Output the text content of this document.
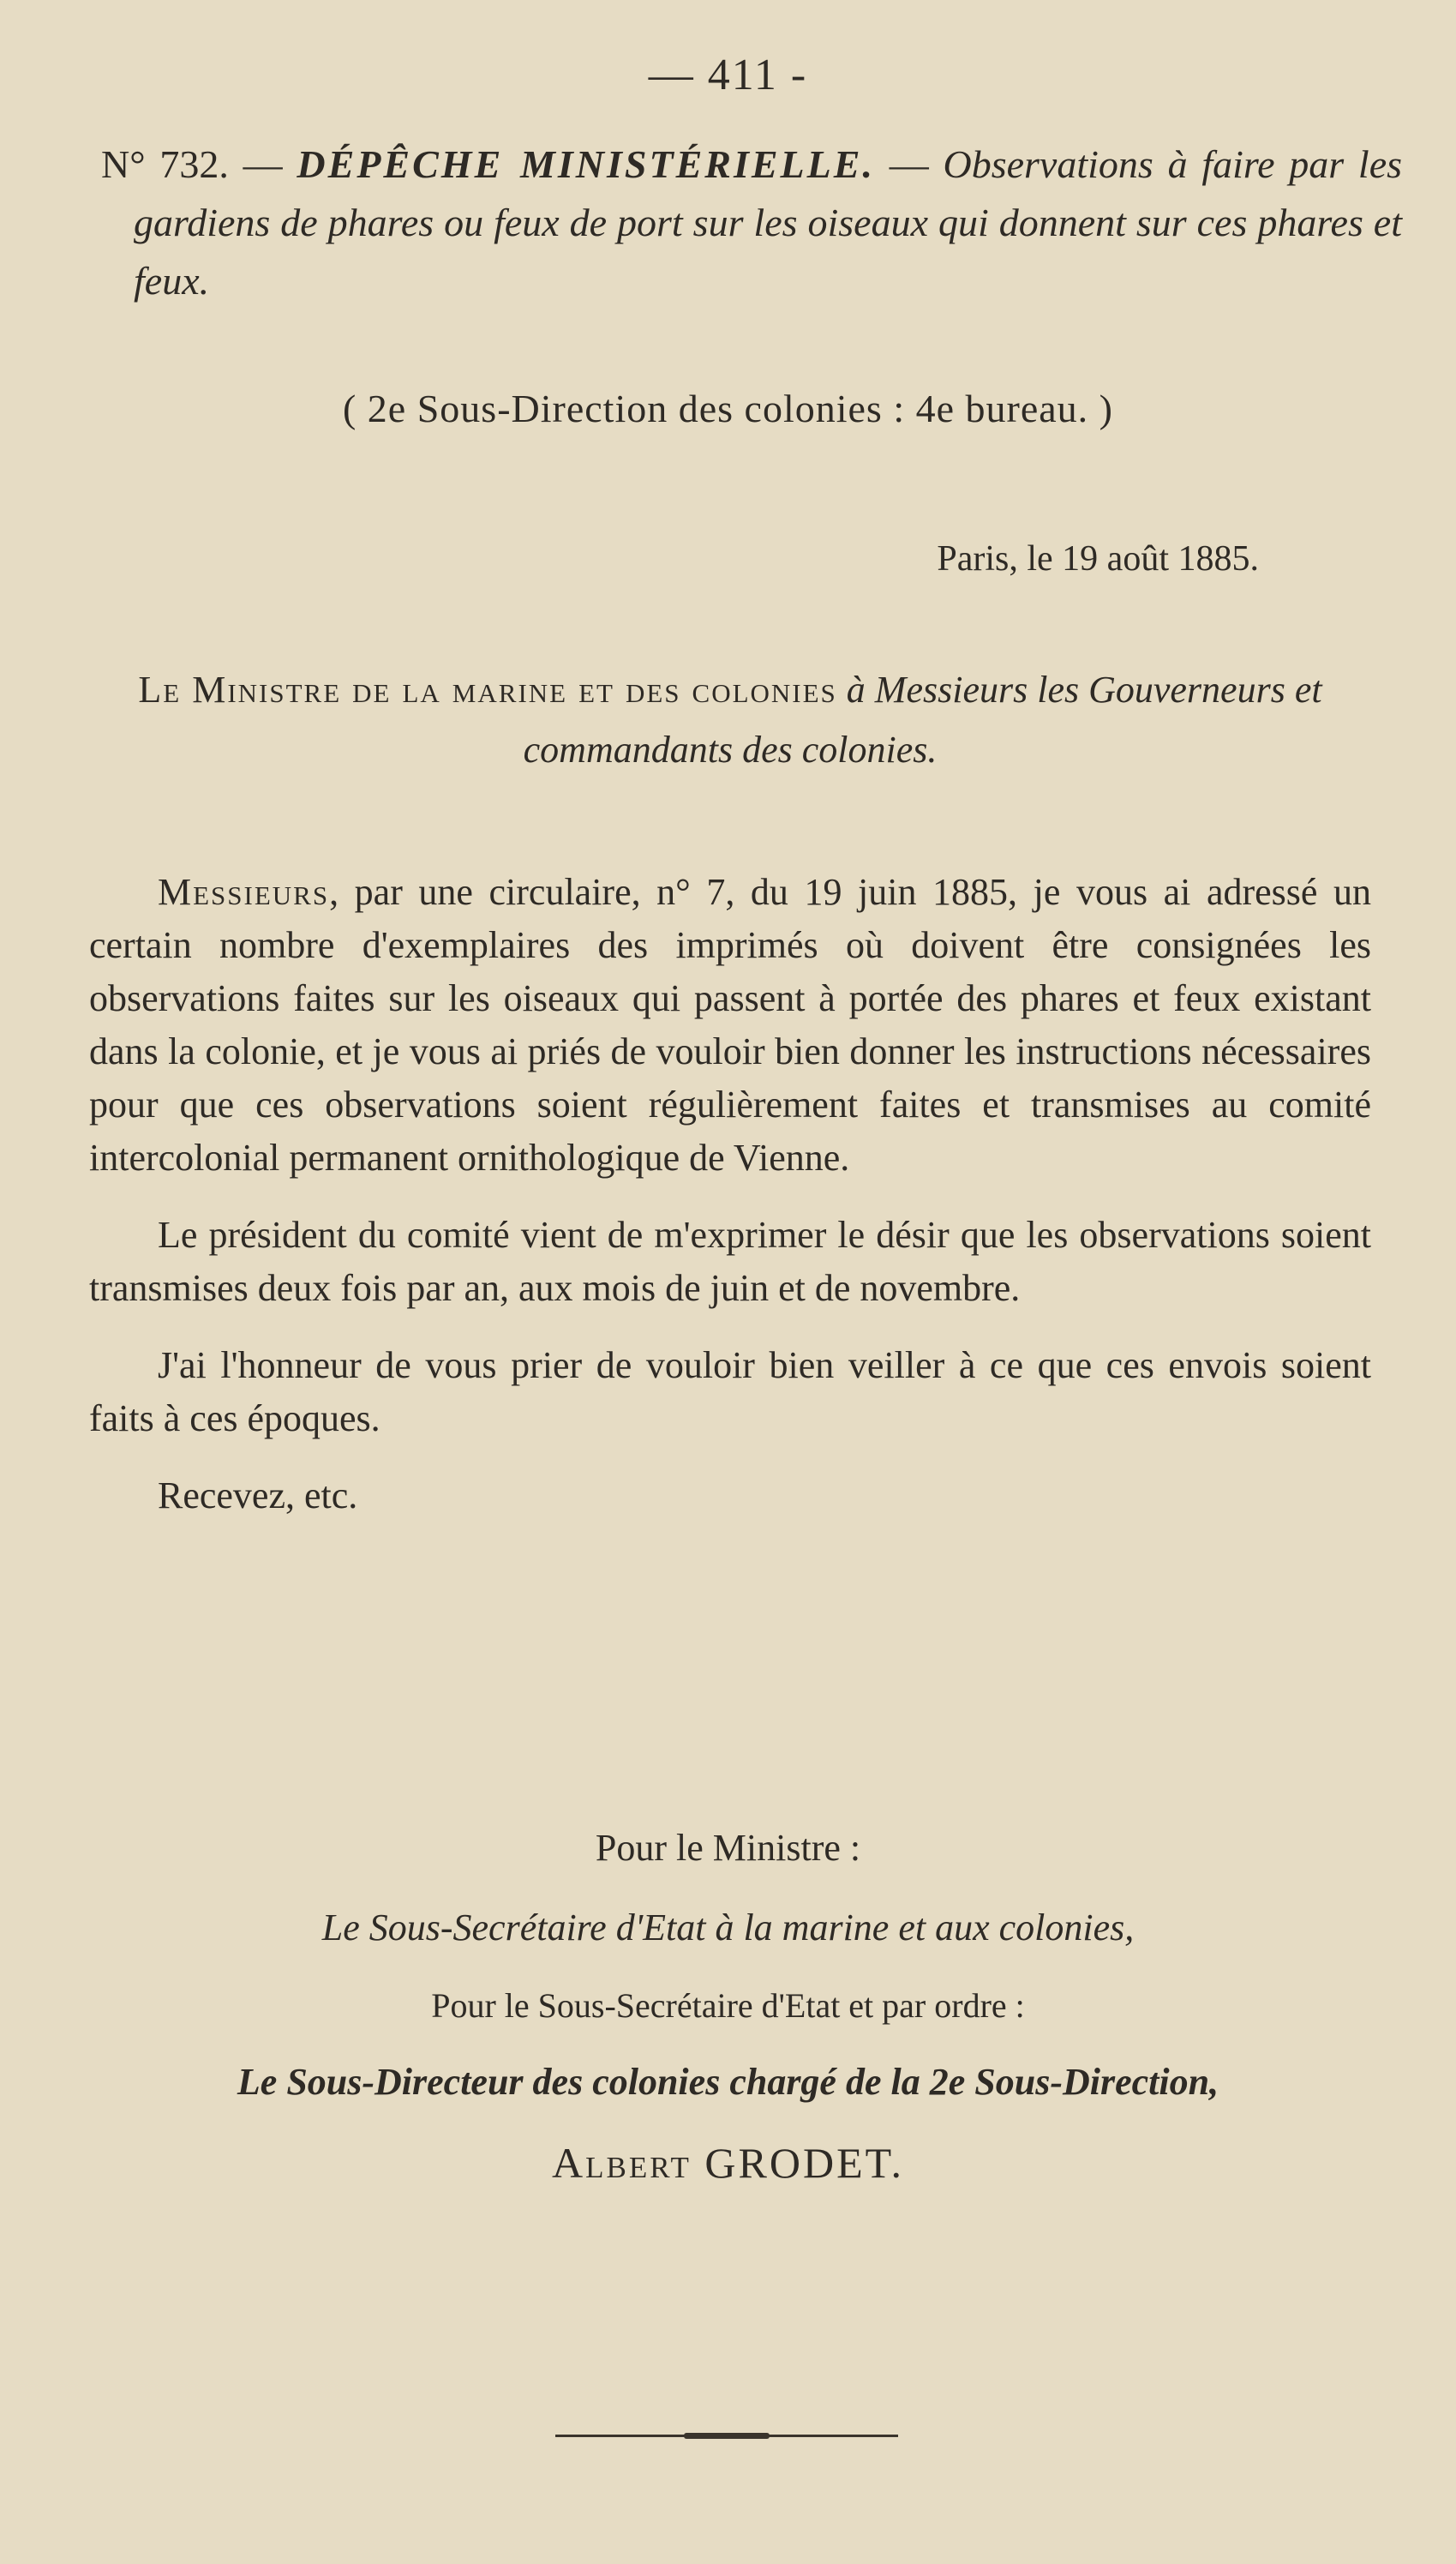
— 411 -
N° 732. — DÉPÊCHE MINISTÉRIELLE. — Observations à faire par les gardiens de phares ou feux de port sur les oiseaux qui donnent sur ces phares et feux.
( 2e Sous-Direction des colonies : 4e bureau. )
Paris, le 19 août 1885.
Le Ministre de la marine et des colonies à Messieurs les Gouverneurs et commandants des colonies.

Messieurs, par une circulaire, n° 7, du 19 juin 1885, je vous ai adressé un certain nombre d'exemplaires des imprimés où doivent être consignées les observations faites sur les oiseaux qui passent à portée des phares et feux existant dans la colonie, et je vous ai priés de vouloir bien donner les instructions nécessaires pour que ces observations soient régulièrement faites et transmises au comité intercolonial permanent ornithologique de Vienne.

Le président du comité vient de m'exprimer le désir que les observations soient transmises deux fois par an, aux mois de juin et de novembre.

J'ai l'honneur de vous prier de vouloir bien veiller à ce que ces envois soient faits à ces époques.

Recevez, etc.

Pour le Ministre :
Le Sous-Secrétaire d'Etat à la marine et aux colonies,
Pour le Sous-Secrétaire d'Etat et par ordre :
Le Sous-Directeur des colonies chargé de la 2e Sous-Direction,
Albert GRODET.
